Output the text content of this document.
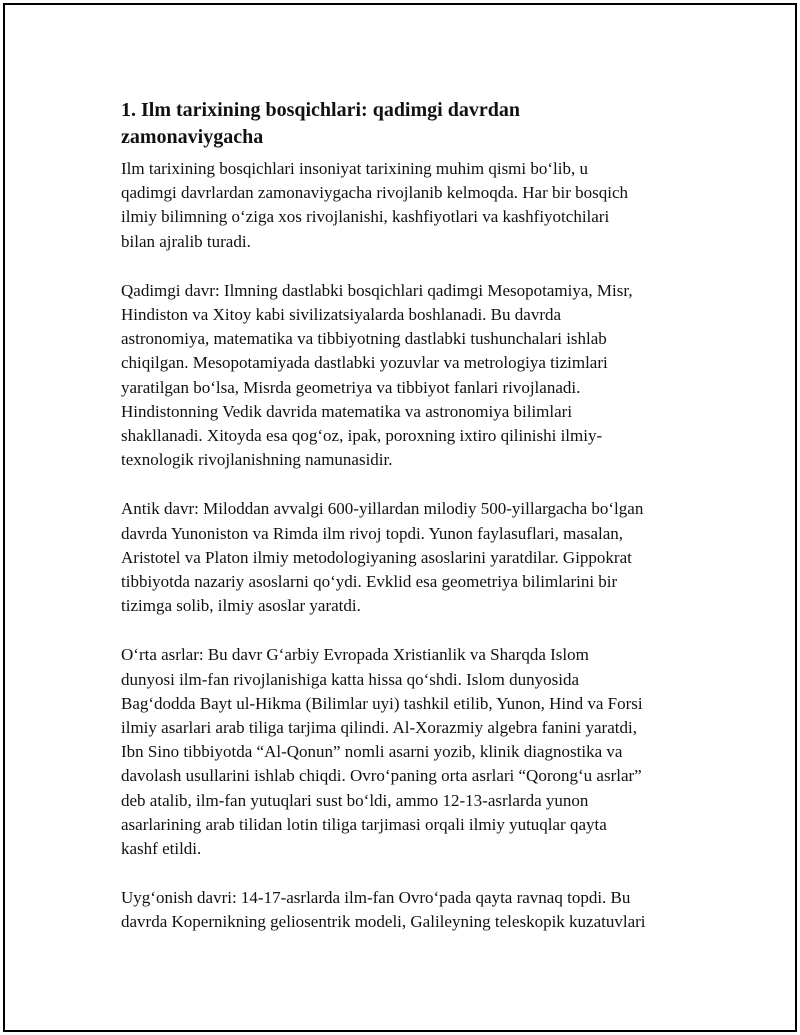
1. Ilm tarixining bosqichlari: qadimgi davrdan
zamonaviygacha

Ilm tarixining bosqichlari insoniyat tarixining muhim qismi bo‘lib, u
qadimgi davrlardan zamonaviygacha rivojlanib kelmoqda. Har bir bosqich
ilmiy bilimning o‘ziga xos rivojlanishi, kashfiyotlari va kashfiyotchilari
bilan ajralib turadi.

Qadimgi davr: Ilmning dastlabki bosqichlari qadimgi Mesopotamiya, Misr,
Hindiston va Xitoy kabi sivilizatsiyalarda boshlanadi. Bu davrda
astronomiya, matematika va tibbiyotning dastlabki tushunchalari ishlab
chiqilgan. Mesopotamiyada dastlabki yozuvlar va metrologiya tizimlari
yaratilgan bo‘lsa, Misrda geometriya va tibbiyot fanlari rivojlanadi.
Hindistonning Vedik davrida matematika va astronomiya bilimlari
shakllanadi. Xitoyda esa qog‘oz, ipak, poroxning ixtiro qilinishi ilmiy-
texnologik rivojlanishning namunasidir.

Antik davr: Miloddan avvalgi 600-yillardan milodiy 500-yillargacha bo‘lgan
davrda Yunoniston va Rimda ilm rivoj topdi. Yunon faylasuflari, masalan,
Aristotel va Platon ilmiy metodologiyaning asoslarini yaratdilar. Gippokrat
tibbiyotda nazariy asoslarni qo‘ydi. Evklid esa geometriya bilimlarini bir
tizimga solib, ilmiy asoslar yaratdi.

O‘rta asrlar: Bu davr G‘arbiy Evropada Xristianlik va Sharqda Islom
dunyosi ilm-fan rivojlanishiga katta hissa qo‘shdi. Islom dunyosida
Bag‘dodda Bayt ul-Hikma (Bilimlar uyi) tashkil etilib, Yunon, Hind va Forsi
ilmiy asarlari arab tiliga tarjima qilindi. Al-Xorazmiy algebra fanini yaratdi,
Ibn Sino tibbiyotda “Al-Qonun” nomli asarni yozib, klinik diagnostika va
davolash usullarini ishlab chiqdi. Ovro‘paning orta asrlari “Qorong‘u asrlar”
deb atalib, ilm-fan yutuqlari sust bo‘ldi, ammo 12-13-asrlarda yunon
asarlarining arab tilidan lotin tiliga tarjimasi orqali ilmiy yutuqlar qayta
kashf etildi.

Uyg‘onish davri: 14-17-asrlarda ilm-fan Ovro‘pada qayta ravnaq topdi. Bu
davrda Kopernikning geliosentrik modeli, Galileyning teleskopik kuzatuvlari
